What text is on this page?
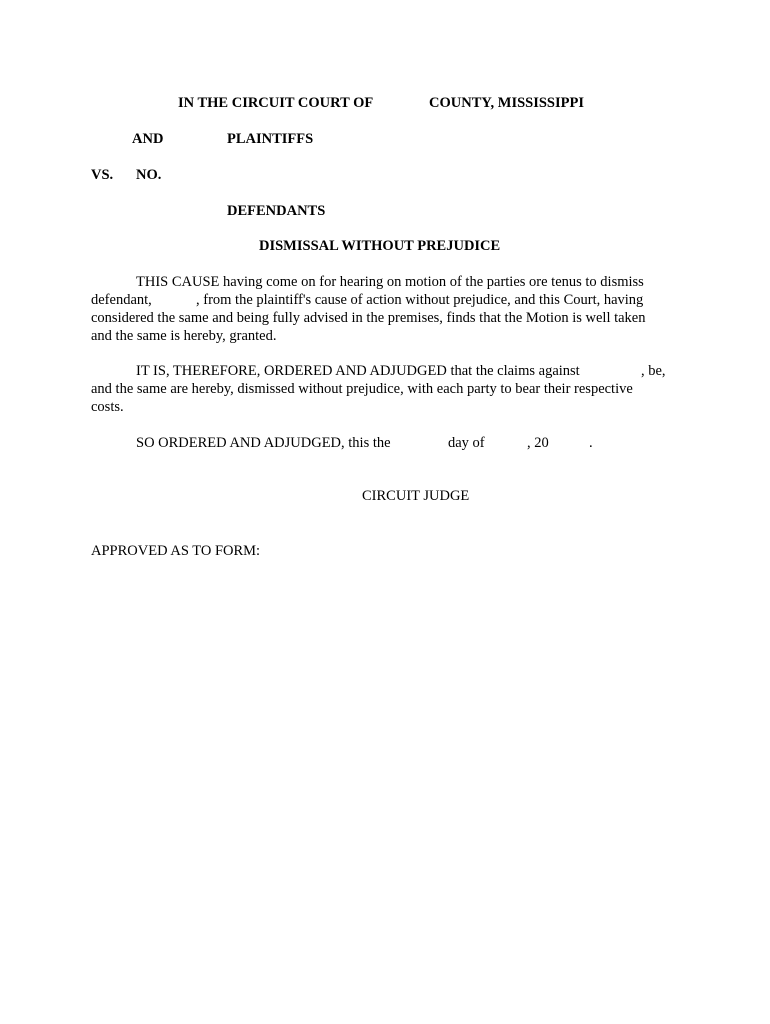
IN THE CIRCUIT COURT OF	COUNTY, MISSISSIPPI
AND	PLAINTIFFS
VS. NO.
DEFENDANTS
DISMISSAL WITHOUT PREJUDICE
THIS CAUSE having come on for hearing on motion of the parties ore tenus to dismiss
defendant,	, from the plaintiff's cause of action without prejudice, and this Court, having
considered the same and being fully advised in the premises, finds that the Motion is well taken
and the same is hereby, granted.
IT IS, THEREFORE, ORDERED AND ADJUDGED that the claims against	, be,
and the same are hereby, dismissed without prejudice, with each party to bear their respective
costs.
SO ORDERED AND ADJUDGED, this the	day of	, 20	.
CIRCUIT JUDGE
APPROVED AS TO FORM:
